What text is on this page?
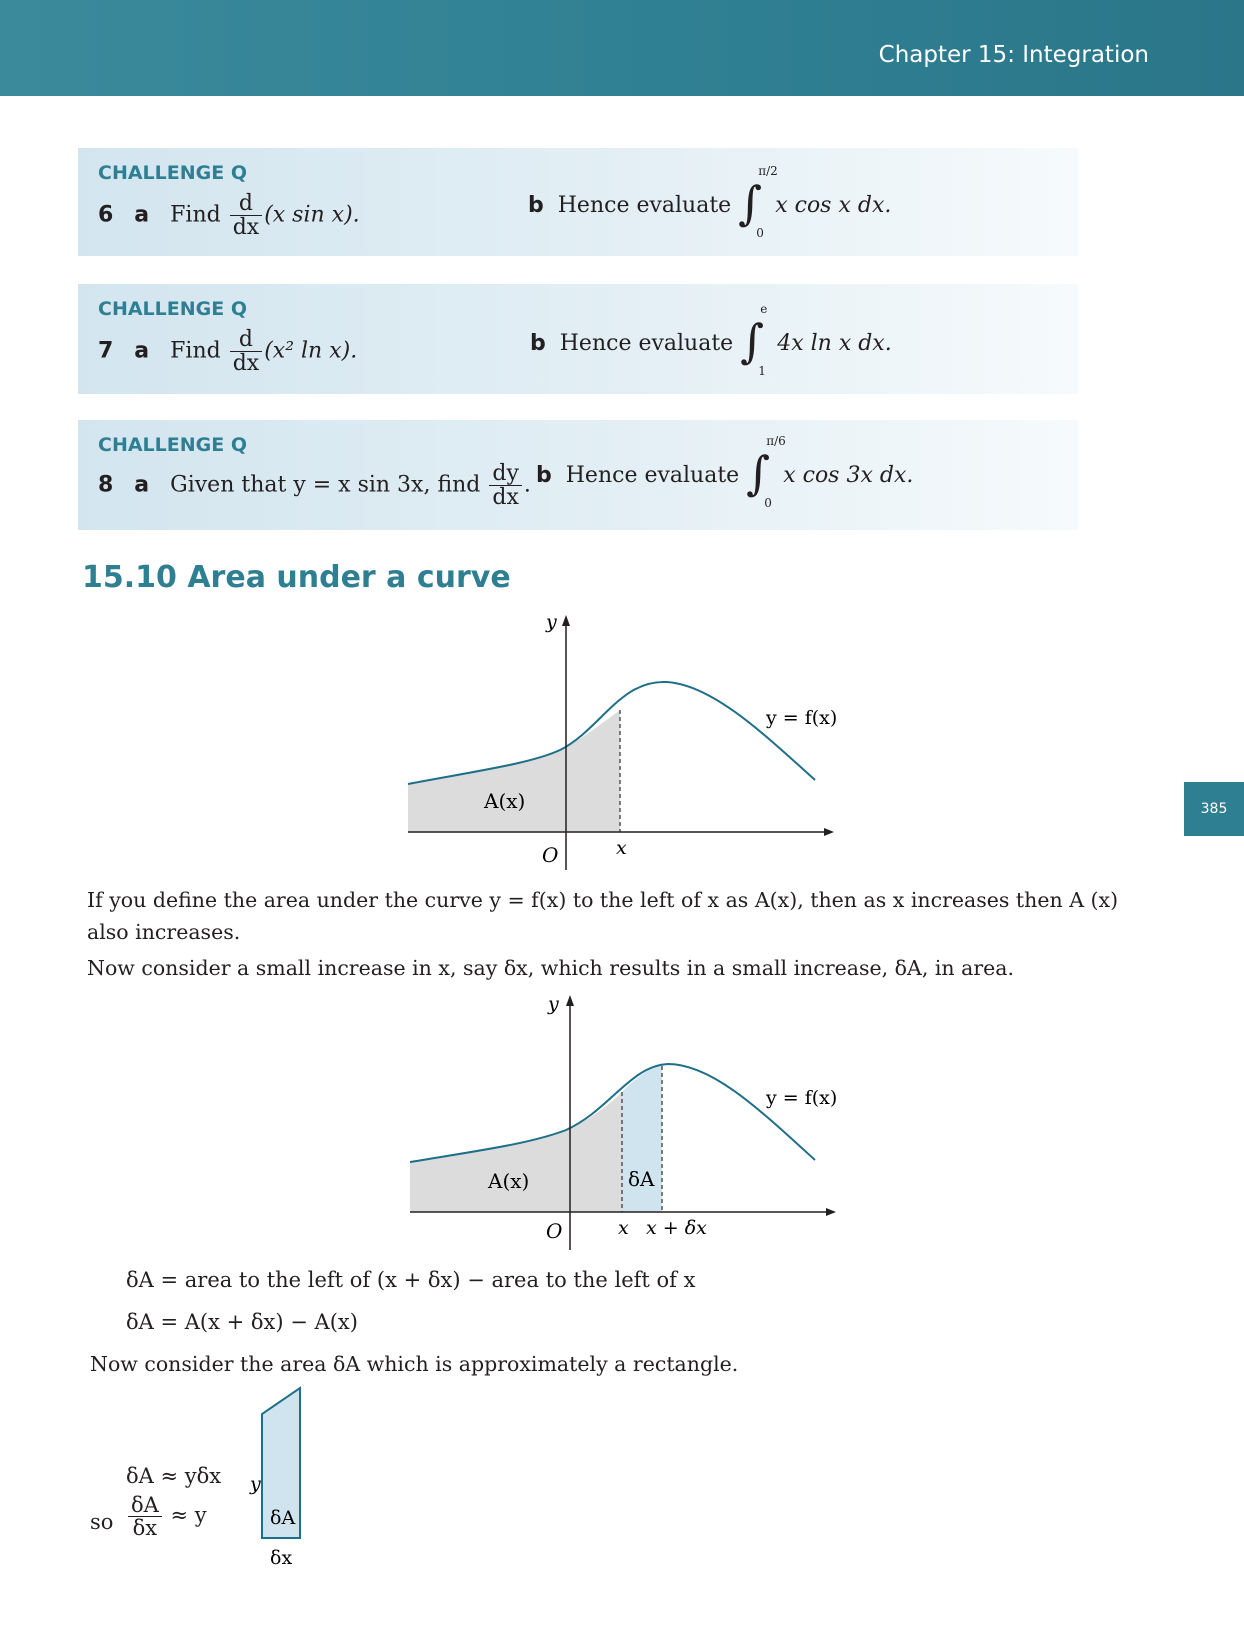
Chapter 15: Integration
385
CHALLENGE Q
6 a Find $\frac{d}{dx} (x$ sin x).	b Hence evaluate ∫
π/2
0
x cos x dx.
CHALLENGE Q
7 a Find $\frac{d}{dx} (x^2$ ln x).	b Hence evaluate ∫
e
1
4x ln x dx.
CHALLENGE Q
8 a Given that y = x sin 3x, find $\frac{dy}{dx}$ . b Hence evaluate ∫
π/6
0
x cos 3x dx.
15.10 Area under a curve
y
O	x
y = f(x)
A(x)
If you define the area under the curve y = f(x) to the left of x as A(x), then as x increases then A (x)
also increases.
Now consider a small increase in x, say δx, which results in a small increase, δA, in area.
y
O	x x + δx
y = f(x)
A(x)	δA
δA = area to the left of (x + δx) − area to the left of x
δA = A(x + δx) − A(x)
Now consider the area δA which is approximately a rectangle.
δA ≈ yδx
so $\frac{\delta A}{\delta x} \approx y$
y
δA
δx
